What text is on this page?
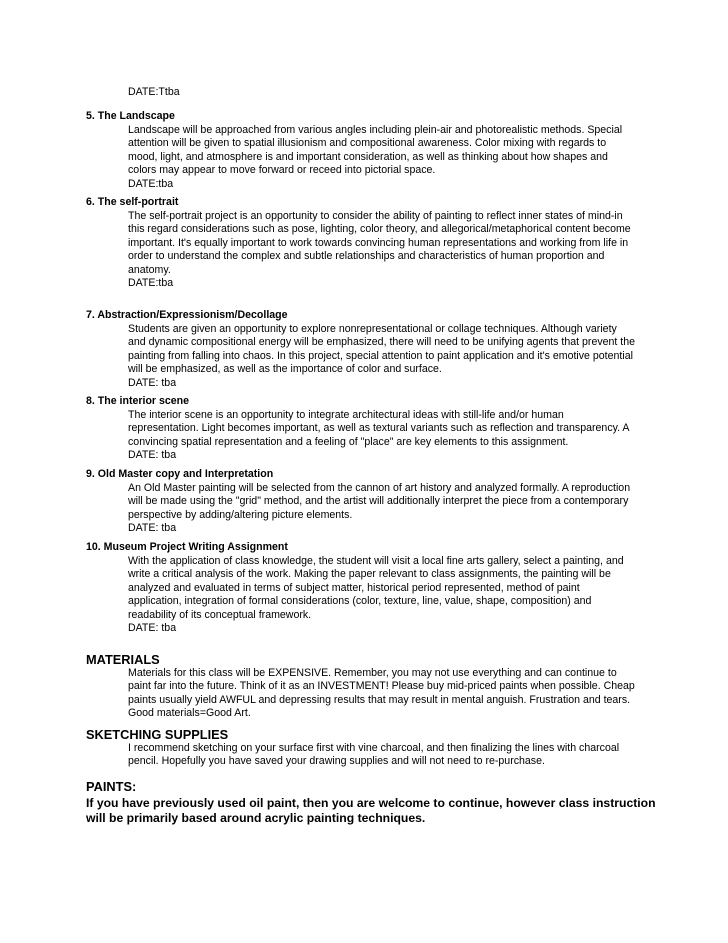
DATE:Ttba
5. The Landscape
Landscape will be approached from various angles including plein-air and photorealistic methods. Special
attention will be given to spatial illusionism and compositional awareness. Color mixing with regards to
mood, light, and atmosphere is and important consideration, as well as thinking about how shapes and
colors may appear to move forward or receed into pictorial space.
DATE:tba
6. The self-portrait
The self-portrait project is an opportunity to consider the ability of painting to reflect inner states of mind-in
this regard considerations such as pose, lighting, color theory, and allegorical/metaphorical content become
important. It's equally important to work towards convincing human representations and working from life in
order to understand the complex and subtle relationships and characteristics of human proportion and
anatomy.
DATE:tba
7. Abstraction/Expressionism/Decollage
Students are given an opportunity to explore nonrepresentational or collage techniques. Although variety
and dynamic compositional energy will be emphasized, there will need to be unifying agents that prevent the
painting from falling into chaos. In this project, special attention to paint application and it's emotive potential
will be emphasized, as well as the importance of color and surface.
DATE: tba
8. The interior scene
The interior scene is an opportunity to integrate architectural ideas with still-life and/or human
representation. Light becomes important, as well as textural variants such as reflection and transparency. A
convincing spatial representation and a feeling of "place" are key elements to this assignment.
DATE: tba
9. Old Master copy and Interpretation
An Old Master painting will be selected from the cannon of art history and analyzed formally. A reproduction
will be made using the "grid" method, and the artist will additionally interpret the piece from a contemporary
perspective by adding/altering picture elements.
DATE: tba
10. Museum Project Writing Assignment
With the application of class knowledge, the student will visit a local fine arts gallery, select a painting, and
write a critical analysis of the work. Making the paper relevant to class assignments, the painting will be
analyzed and evaluated in terms of subject matter, historical period represented, method of paint
application, integration of formal considerations (color, texture, line, value, shape, composition) and
readability of its conceptual framework.
DATE: tba
MATERIALS
Materials for this class will be EXPENSIVE. Remember, you may not use everything and can continue to
paint far into the future. Think of it as an INVESTMENT! Please buy mid-priced paints when possible. Cheap
paints usually yield AWFUL and depressing results that may result in mental anguish. Frustration and tears.
Good materials=Good Art.
SKETCHING SUPPLIES
I recommend sketching on your surface first with vine charcoal, and then finalizing the lines with charcoal
pencil. Hopefully you have saved your drawing supplies and will not need to re-purchase.
PAINTS:
If you have previously used oil paint, then you are welcome to continue, however class instruction
will be primarily based around acrylic painting techniques.
